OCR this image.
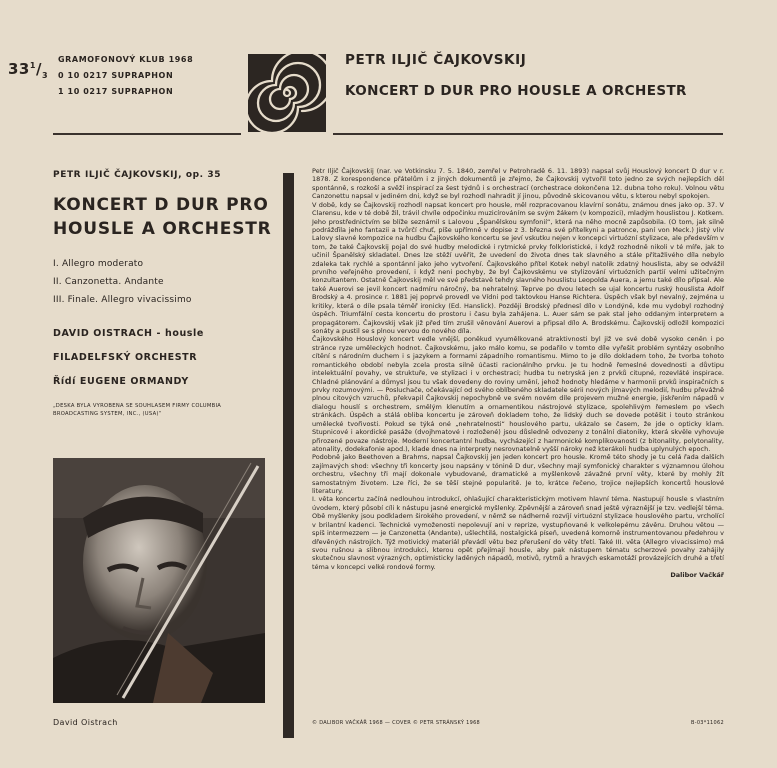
$33^1/_3$
GRAMOFONOVÝ KLUB 1968
0 10 0217 SUPRAPHON
1 10 0217 SUPRAPHON
PETR ILJIČ ČAJKOVSKIJ
KONCERT D DUR PRO HOUSLE A ORCHESTR
PETR ILJIČ ČAJKOVSKIJ, op. 35
KONCERT D DUR PRO
HOUSLE A ORCHESTR
I. Allegro moderato
II. Canzonetta. Andante
III. Finale. Allegro vivacissimo
DAVID OISTRACH - housle
FILADELFSKÝ ORCHESTR
Řídí EUGENE ORMANDY
„DESKA BYLA VYROBENA SE SOUHLASEM FIRMY COLUMBIA
BROADCASTING SYSTEM, INC., (USA)“
David Oistrach

Petr Iljič Čajkovskij (nar. ve Votkinsku 7. 5. 1840, zemřel v Petrohradě 6. 11. 1893) napsal svůj Houslový koncert D dur v r. 1878. Z korespondence přátelům i z jiných dokumentů je zřejmo, že Čajkovskij vytvořil toto jedno ze svých nejlepších děl spontánně, s rozkoší a svěží inspirací za šest týdnů i s orchestrací (orchestrace dokončena 12. dubna toho roku). Volnou větu Canzonettu napsal v jediném dni, když se byl rozhodl nahradit jí jinou, původně skicovanou větu, s kterou nebyl spokojen.

V době, kdy se Čajkovskij rozhodl napsat koncert pro housle, měl rozpracovanou klavírní sonátu, známou dnes jako op. 37. V Clarensu, kde v té době žil, trávil chvíle odpočinku muzicírováním se svým žákem (v kompozici), mladým houslistou J. Kotkem. Jeho prostřednictvím se blíže seznámil s Lalovou „Španělskou symfonií“, která na něho mocně zapůsobila. (O tom, jak silně podrážďila jeho fantazii a tvůrčí chuť, píše upřímně v dopise z 3. března své přítelkyni a patronce, paní von Meck.) Jistý vliv Lalovy slavné kompozice na hudbu Čajkovského koncertu se jeví vskutku nejen v koncepci virtuózní stylizace, ale především v tom, že také Čajkovskij pojal do své hudby melodické i rytmické prvky folkloristické, i když rozhodně nikoli v té míře, jak to učinil Španělský skladatel. Dnes lze stěží uvěřit, že uvedení do života dnes tak slavného a stále přitažlivého díla nebylo zdaleka tak rychlé a spontánní jako jeho vytvoření. Čajkovského přítel Kotek nebyl natolik zdatný houslista, aby se odvážil prvního veřejného provedení, i když neni pochyby, že byl Čajkovskému ve stylizování virtuózních partií velmi užitečným konzultantem. Ostatně Čajkovskij měl ve své představě tehdy slavného houslistu Leopolda Auera, a jemu také dílo připsal. Ale také Auerovi se jevil koncert nadmíru náročný, ba nehratelný. Teprve po dvou letech se ujal koncertu ruský houslista Adolf Brodský a 4. prosince r. 1881 jej poprvé provedl ve Vídni pod taktovkou Hanse Richtera. Úspěch však byl nevalný, zejména u kritiky, která o díle psala téměř ironicky (Ed. Hanslick). Později Brodský přednesl dílo v Londýně, kde mu vydobyl rozhodný úspěch. Triumfální cesta koncertu do prostoru i času byla zahájena. L. Auer sám se pak stal jeho oddaným interpretem a propagátorem. Čajkovskij však již před tím zrušil věnování Auerovi a připsal dílo A. Brodskému. Čajkovskij odložil kompozici sonáty a pustil se s plnou vervou do nového díla.

Čajkovského Houslový koncert vedle vnější, poněkud vyumělkované atraktivnosti byl již ve své době vysoko ceněn i po stránce ryze uměleckých hodnot. Čajkovskému, jako málo komu, se podařilo v tomto díle vyřešit problém syntézy osobního cítění s národním duchem i s jazykem a formami západního romantismu. Mimo to je dílo dokladem toho, že tvorba tohoto romantického období nebyla zcela prosta silně účasti racionálního prvku. Je tu hodně řemeslné dovednosti a důvtipu intelektuální povahy, ve struktuře, ve stylizaci i v orchestraci; hudba tu netryská jen z prvků citupné, rozevláté inspirace. Chladné plánování a důmysl jsou tu však dovedeny do roviny umění, jehož hodnoty hledáme v harmonii prvků inspiračních s prvky rozumovými. — Posluchače, očekávající od svého oblíbeného skladatele sérii nových jímavých melodií, hudbu převážně plnou citových vzruchů, překvapil Čajkovskij nepochybně ve svém novém díle projevem mužné energie, jiskřením nápadů v dialogu houslí s orchestrem, smělým klenutím a ornamentikou nástrojové stylizace, spolehlivým řemeslem po všech stránkách. Úspěch a stálá obliba koncertu je zároveň dokladem toho, že lidský duch se dovede potěšit i touto stránkou umělecké tvořivosti. Pokud se týká oné „nehratelnosti“ houslového partu, ukázalo se časem, že jde o opticky klam. Stupnicové i akordické pasáže (dvojhmatové i rozložené) jsou důsledně odvozeny z tonální diatoniky, která skvěle vyhovuje přirozené povaze nástroje. Moderní koncertantní hudba, vycházející z harmonické komplikovanosti (z bitonality, polytonality, atonality, dodekafonie apod.), klade dnes na interprety nesrovnatelně vyšší nároky než kterákoli hudba uplynulých epoch.

Podobně jako Beethoven a Brahms, napsal Čajkovskij jen jeden koncert pro housle. Kromě této shody je tu celá řada dalších zajímavých shod: všechny tři koncerty jsou napsány v tónině D dur, všechny mají symfonický charakter s významnou úlohou orchestru, všechny tři mají dokonale vybudované, dramatické a myšlenkově závažné první věty, které by mohly žít samostatným životem. Lze říci, že se těší stejné popularitě. Je to, krátce řečeno, trojice nejlepších koncertů houslové literatury.

I. věta koncertu začíná nedlouhou introdukcí, ohlašující charakteristickým motivem hlavní téma. Nastupují housle s vlastním úvodem, který působí cíli k nástupu jasné energické myšlenky. Zpěvnější a zároveň snad ještě výraznější je tzv. vedlejší téma. Obě myšlenky jsou podkladem širokého provedení, v němž se nádherně rozvíjí virtuózní stylizace houslového partu, vrcholící v brilantní kadenci. Technické vymoženosti nepolevují ani v reprize, vystupňované k velkolepému závěru. Druhou větou — spíš intermezzem — je Canzonetta (Andante), ušlechtilá, nostalgická píseň, uvedená komorně instrumentovanou předehrou v dřevěných nástrojích. Týž motivický materiál převádí větu bez přerušení do věty třetí. Také III. věta (Allegro vivacissimo) má svou rušnou a slibnou introdukci, kterou opět přejímají housle, aby pak nástupem tématu scherzové povahy zahájily skutečnou slavnost výrazných, optimisticky laděných nápadů, motivů, rytmů a hravých eskamotáží provázejících druhé a třetí téma v koncepci velké rondové formy.

Dalibor Vačkář
© DALIBOR VAČKÁŘ 1968 — COVER © PETR STRÁNSKÝ 1968	B-03*11062
